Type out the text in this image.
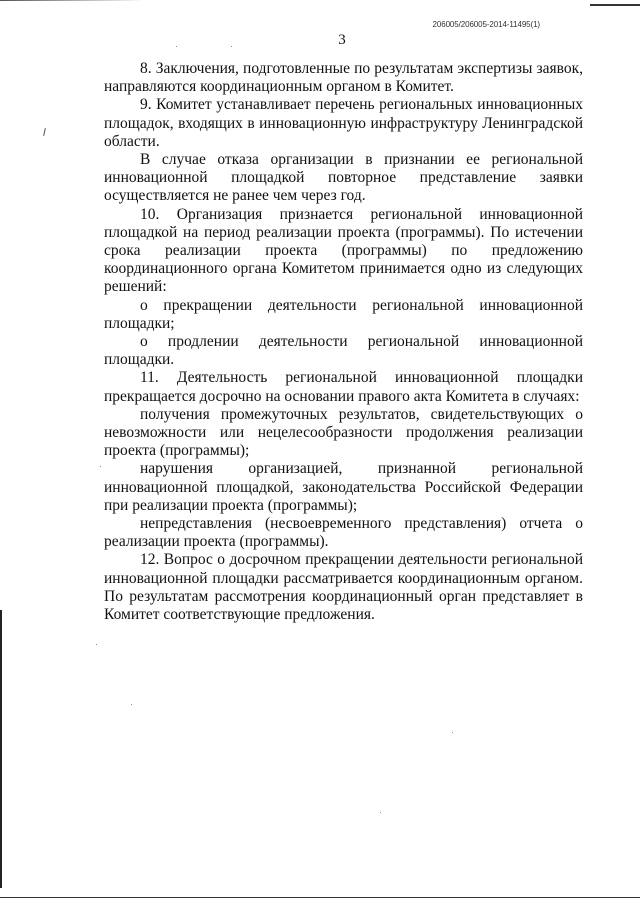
206005/206005-2014-11495(1)
3

8. Заключения, подготовленные по результатам экспертизы заявок, направляются координационным органом в Комитет.

9. Комитет устанавливает перечень региональных инновационных площадок, входящих в инновационную инфраструктуру Ленинградской области.

В случае отказа организации в признании ее региональной инновационной площадкой повторное представление заявки осуществляется не ранее чем через год.

10. Организация признается региональной инновационной площадкой на период реализации проекта (программы). По истечении срока реализации проекта (программы) по предложению координационного органа Комитетом принимается одно из следующих решений:

о прекращении деятельности региональной инновационной площадки;

о продлении деятельности региональной инновационной площадки.

11. Деятельность региональной инновационной площадки прекращается досрочно на основании правого акта Комитета в случаях:

получения промежуточных результатов, свидетельствующих о невозможности или нецелесообразности продолжения реализации проекта (программы);

нарушения организацией, признанной региональной инновационной площадкой, законодательства Российской Федерации при реализации проекта (программы);

непредставления (несвоевременного представления) отчета о реализации проекта (программы).

12. Вопрос о досрочном прекращении деятельности региональной инновационной площадки рассматривается координационным органом. По результатам рассмотрения координационный орган представляет в Комитет соответствующие предложения.
